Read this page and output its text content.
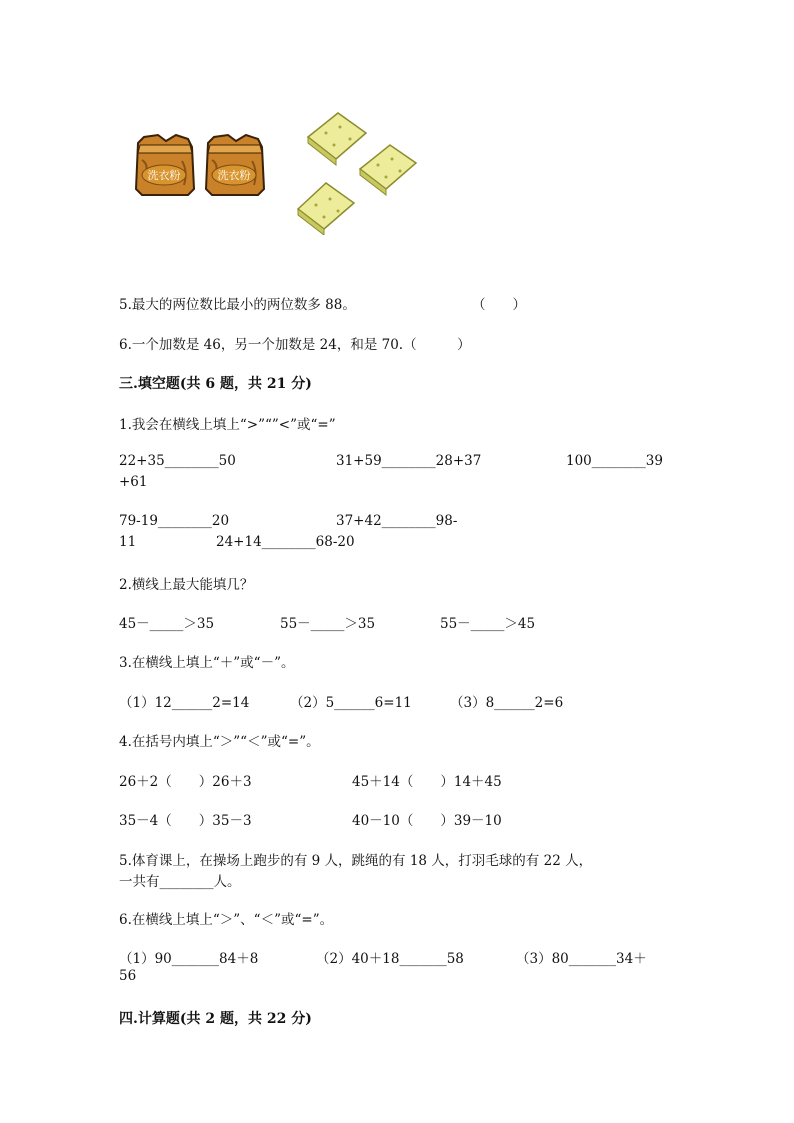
洗衣粉	洗衣粉
5.最大的两位数比最小的两位数多 88。	（　　）
6.一个加数是 46，另一个加数是 24，和是 70.（　　　）
三.填空题(共 6 题，共 21 分)
1.我会在横线上填上“>”“”<”或“=”
22+35________50	31+59________28+37	100________39
+61
79-19________20	37+42________98-
11	24+14________68-20
2.横线上最大能填几？
45－_____＞35	55－_____＞35	55－_____＞45
3.在横线上填上“＋”或“－”。
（1）12______2=14	（2）5______6=11	（3）8______2=6
4.在括号内填上“＞”“＜”或“=”。
26＋2（　　）26＋3	45＋14（　　）14＋45
35－4（　　）35－3	40－10（　　）39－10
5.体育课上，在操场上跑步的有 9 人，跳绳的有 18 人，打羽毛球的有 22 人，
一共有________人。
6.在横线上填上“＞”、“＜”或“=”。
（1）90_______84＋8	（2）40＋18_______58	（3）80_______34＋
56
四.计算题(共 2 题，共 22 分)
